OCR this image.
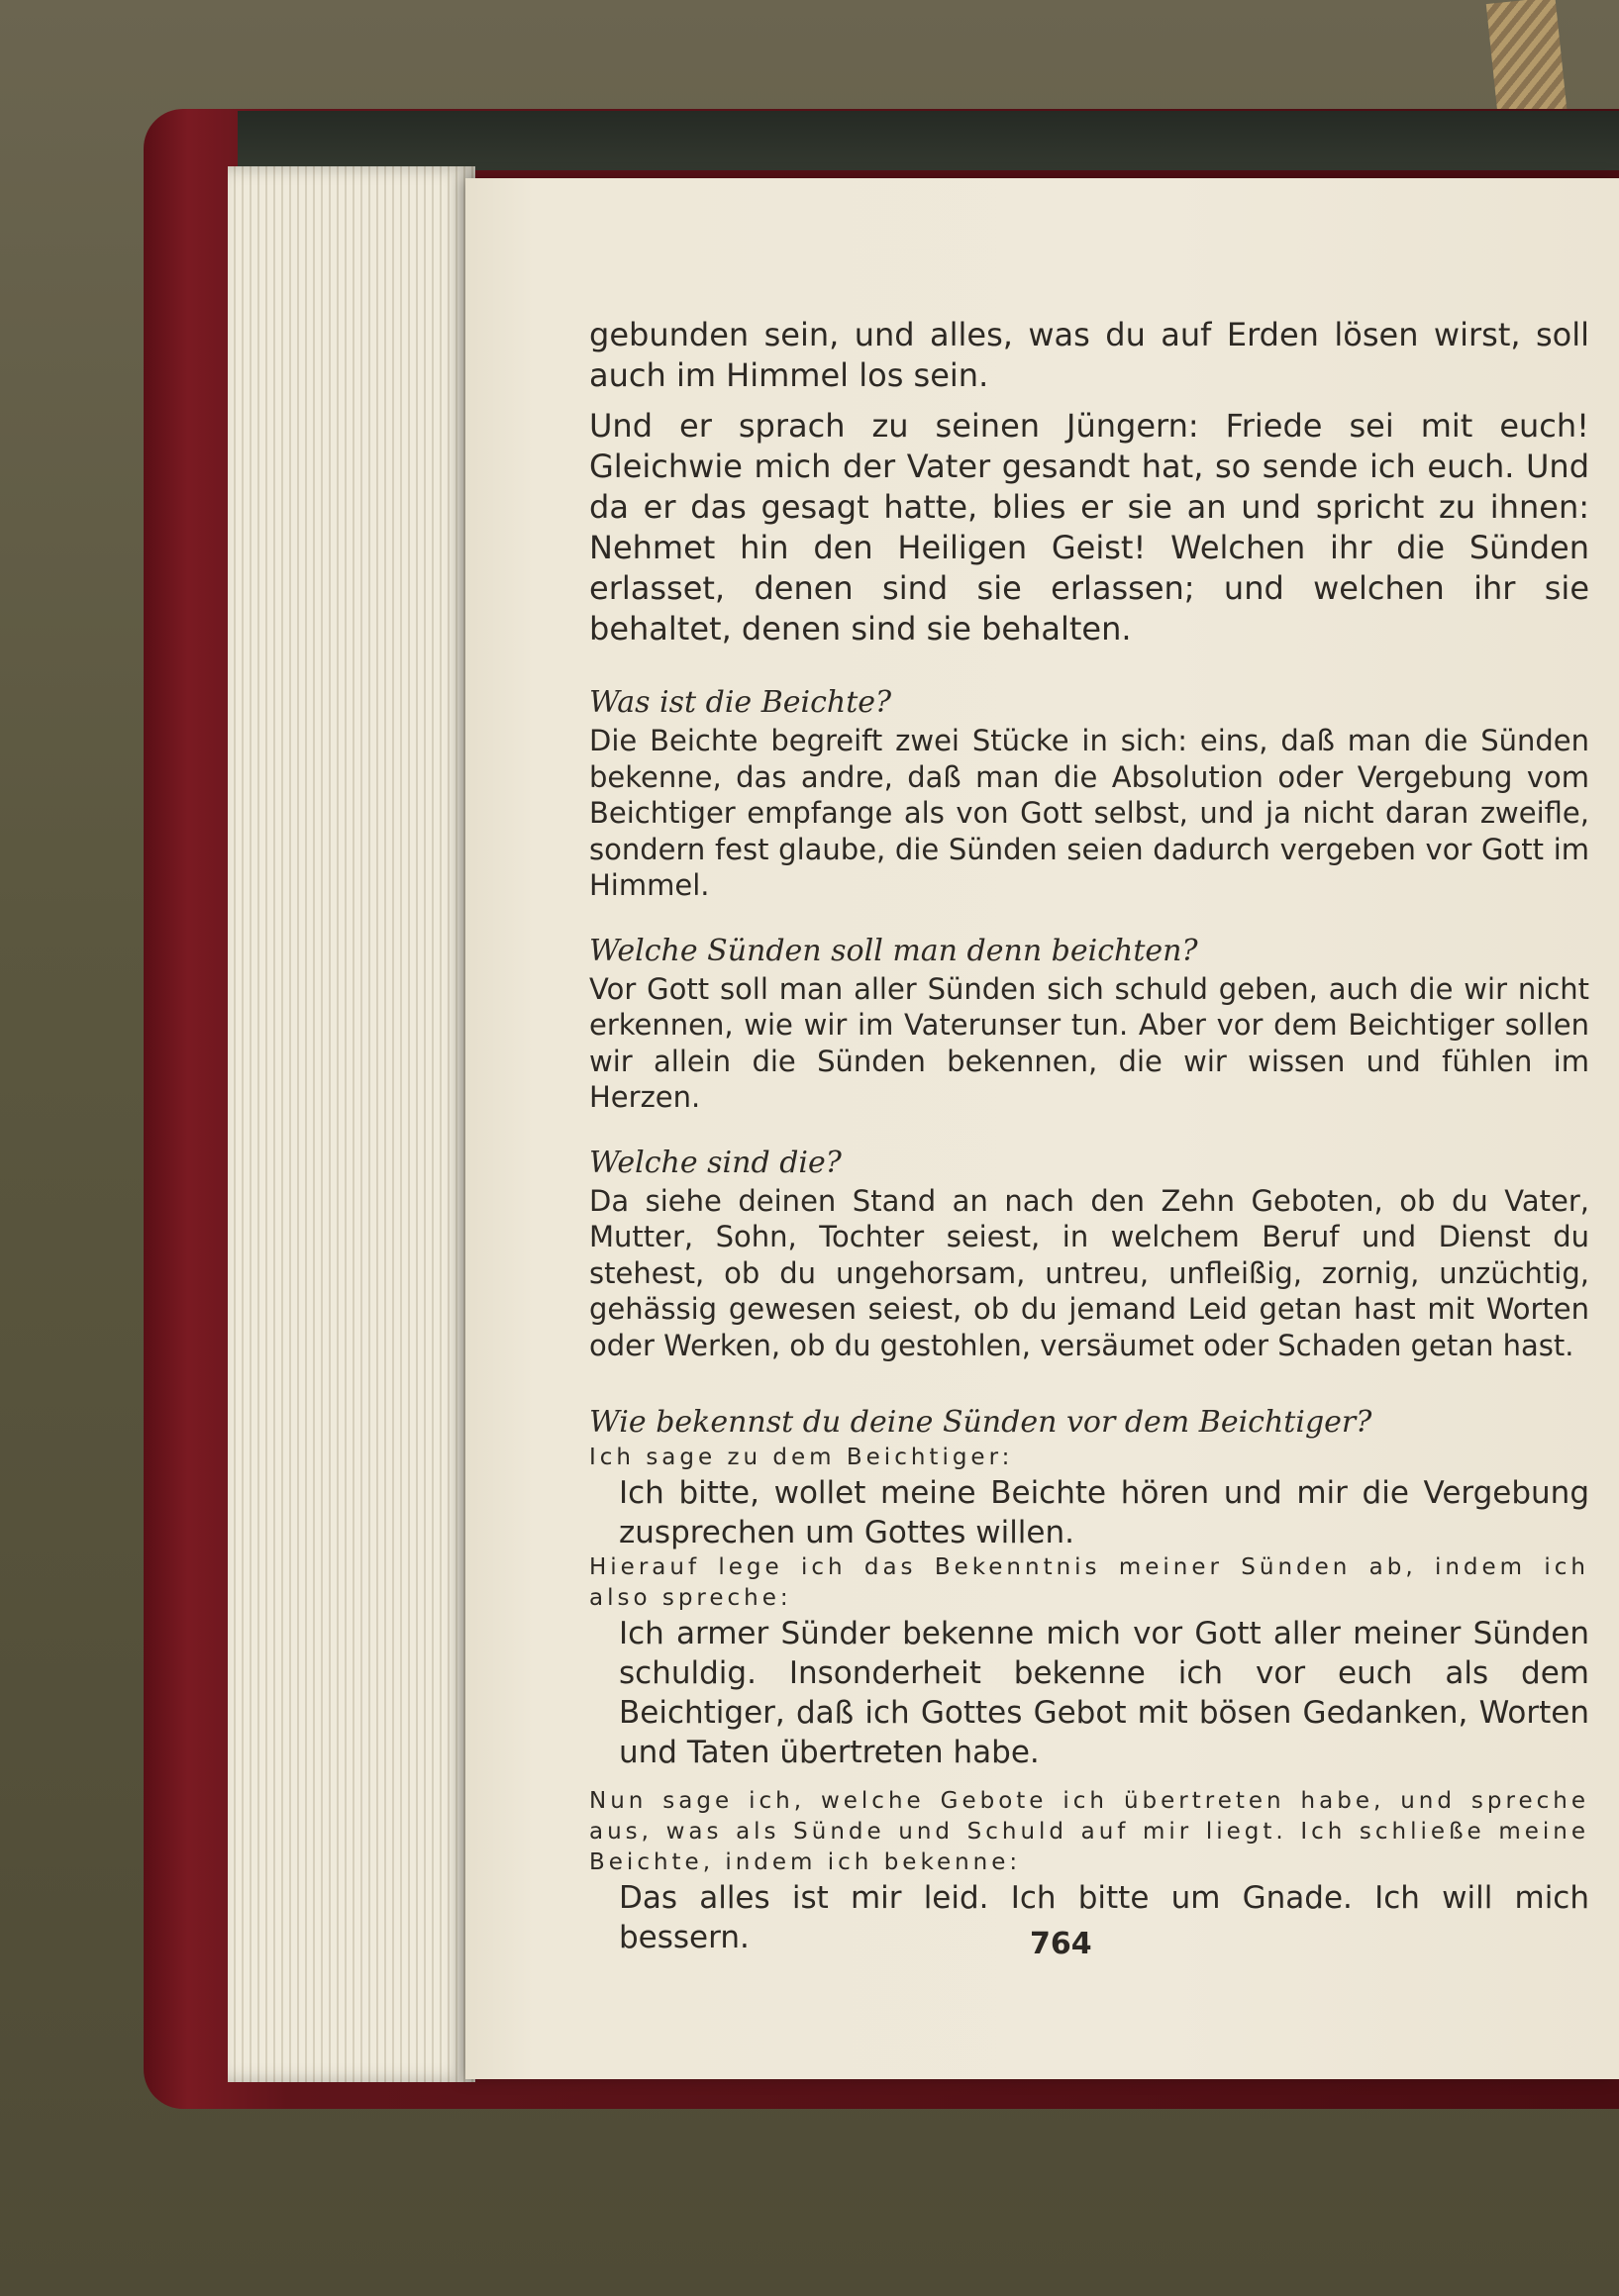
gebunden sein, und alles, was du auf Erden lösen wirst, soll auch im Himmel los sein.

Und er sprach zu seinen Jüngern: Friede sei mit euch! Gleichwie mich der Vater gesandt hat, so sende ich euch. Und da er das gesagt hatte, blies er sie an und spricht zu ihnen: Nehmet hin den Heiligen Geist! Welchen ihr die Sünden erlasset, denen sind sie erlassen; und welchen ihr sie behaltet, denen sind sie behalten.

Was ist die Beichte?

Die Beichte begreift zwei Stücke in sich: eins, daß man die Sünden bekenne, das andre, daß man die Absolution oder Vergebung vom Beichtiger empfange als von Gott selbst, und ja nicht daran zweifle, sondern fest glaube, die Sünden seien dadurch vergeben vor Gott im Himmel.

Welche Sünden soll man denn beichten?

Vor Gott soll man aller Sünden sich schuld geben, auch die wir nicht erkennen, wie wir im Vaterunser tun. Aber vor dem Beichtiger sollen wir allein die Sünden bekennen, die wir wissen und fühlen im Herzen.

Welche sind die?

Da siehe deinen Stand an nach den Zehn Geboten, ob du Vater, Mutter, Sohn, Tochter seiest, in welchem Beruf und Dienst du stehest, ob du ungehorsam, untreu, unfleißig, zornig, unzüchtig, gehässig gewesen seiest, ob du jemand Leid getan hast mit Worten oder Werken, ob du gestohlen, versäumet oder Schaden getan hast.

Wie bekennst du deine Sünden vor dem Beichtiger?

Ich sage zu dem Beichtiger:

Ich bitte, wollet meine Beichte hören und mir die Vergebung zusprechen um Gottes willen.

Hierauf lege ich das Bekenntnis meiner Sünden ab, indem ich also spreche:

Ich armer Sünder bekenne mich vor Gott aller meiner Sünden schuldig. Insonderheit bekenne ich vor euch als dem Beichtiger, daß ich Gottes Gebot mit bösen Gedanken, Worten und Taten übertreten habe.

Nun sage ich, welche Gebote ich übertreten habe, und spreche aus, was als Sünde und Schuld auf mir liegt. Ich schließe meine Beichte, indem ich bekenne:

Das alles ist mir leid. Ich bitte um Gnade. Ich will mich bessern.	764
